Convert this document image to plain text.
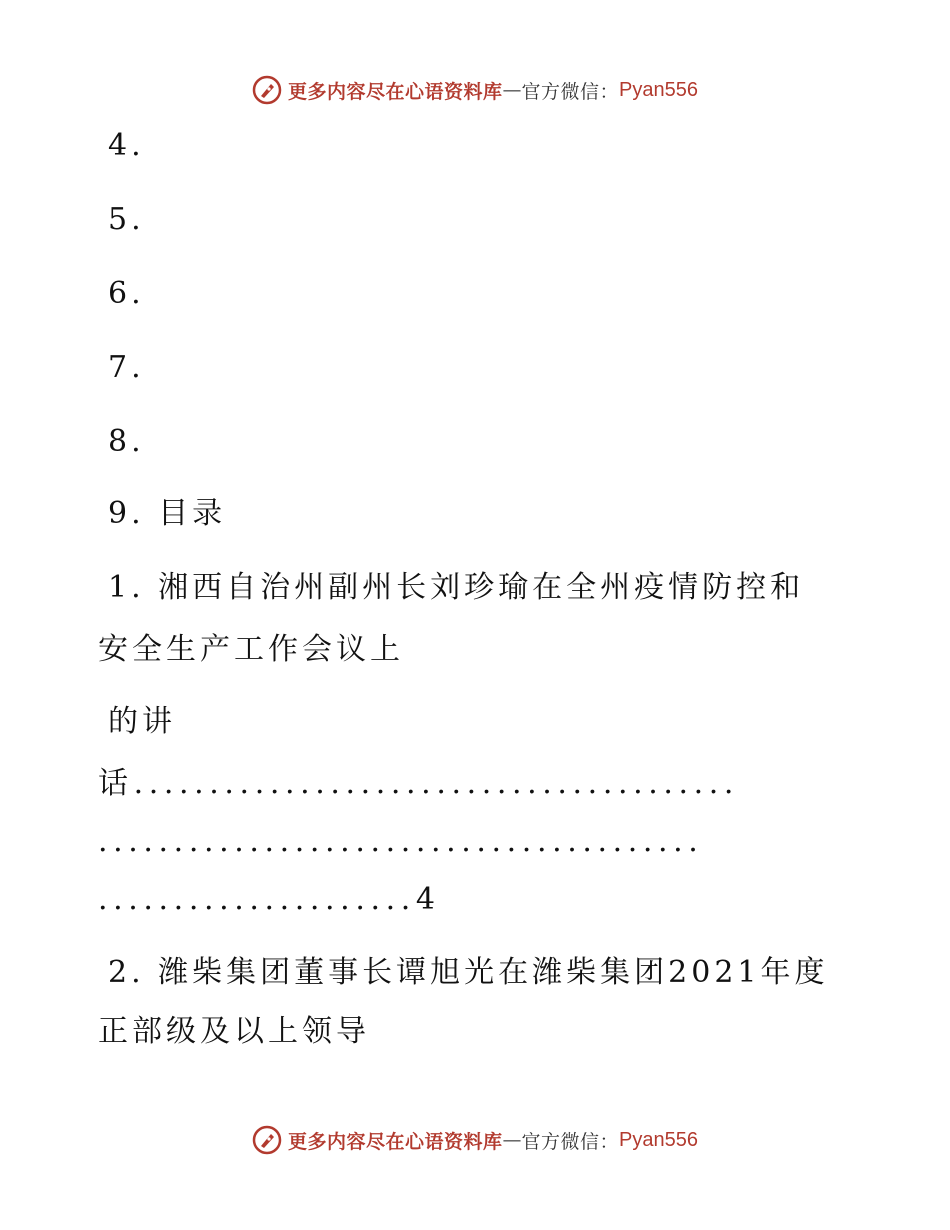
更多内容尽在心语资料库 — 官方微信： Pyan556
4.
5.
6.
7.
8.
9. 目录
1. 湘西自治州副州长刘珍瑜在全州疫情防控和
安全生产工作会议上
的讲
话........................................
........................................
.....................4
2. 潍柴集团董事长谭旭光在潍柴集团2021年度
正部级及以上领导
更多内容尽在心语资料库 — 官方微信： Pyan556
